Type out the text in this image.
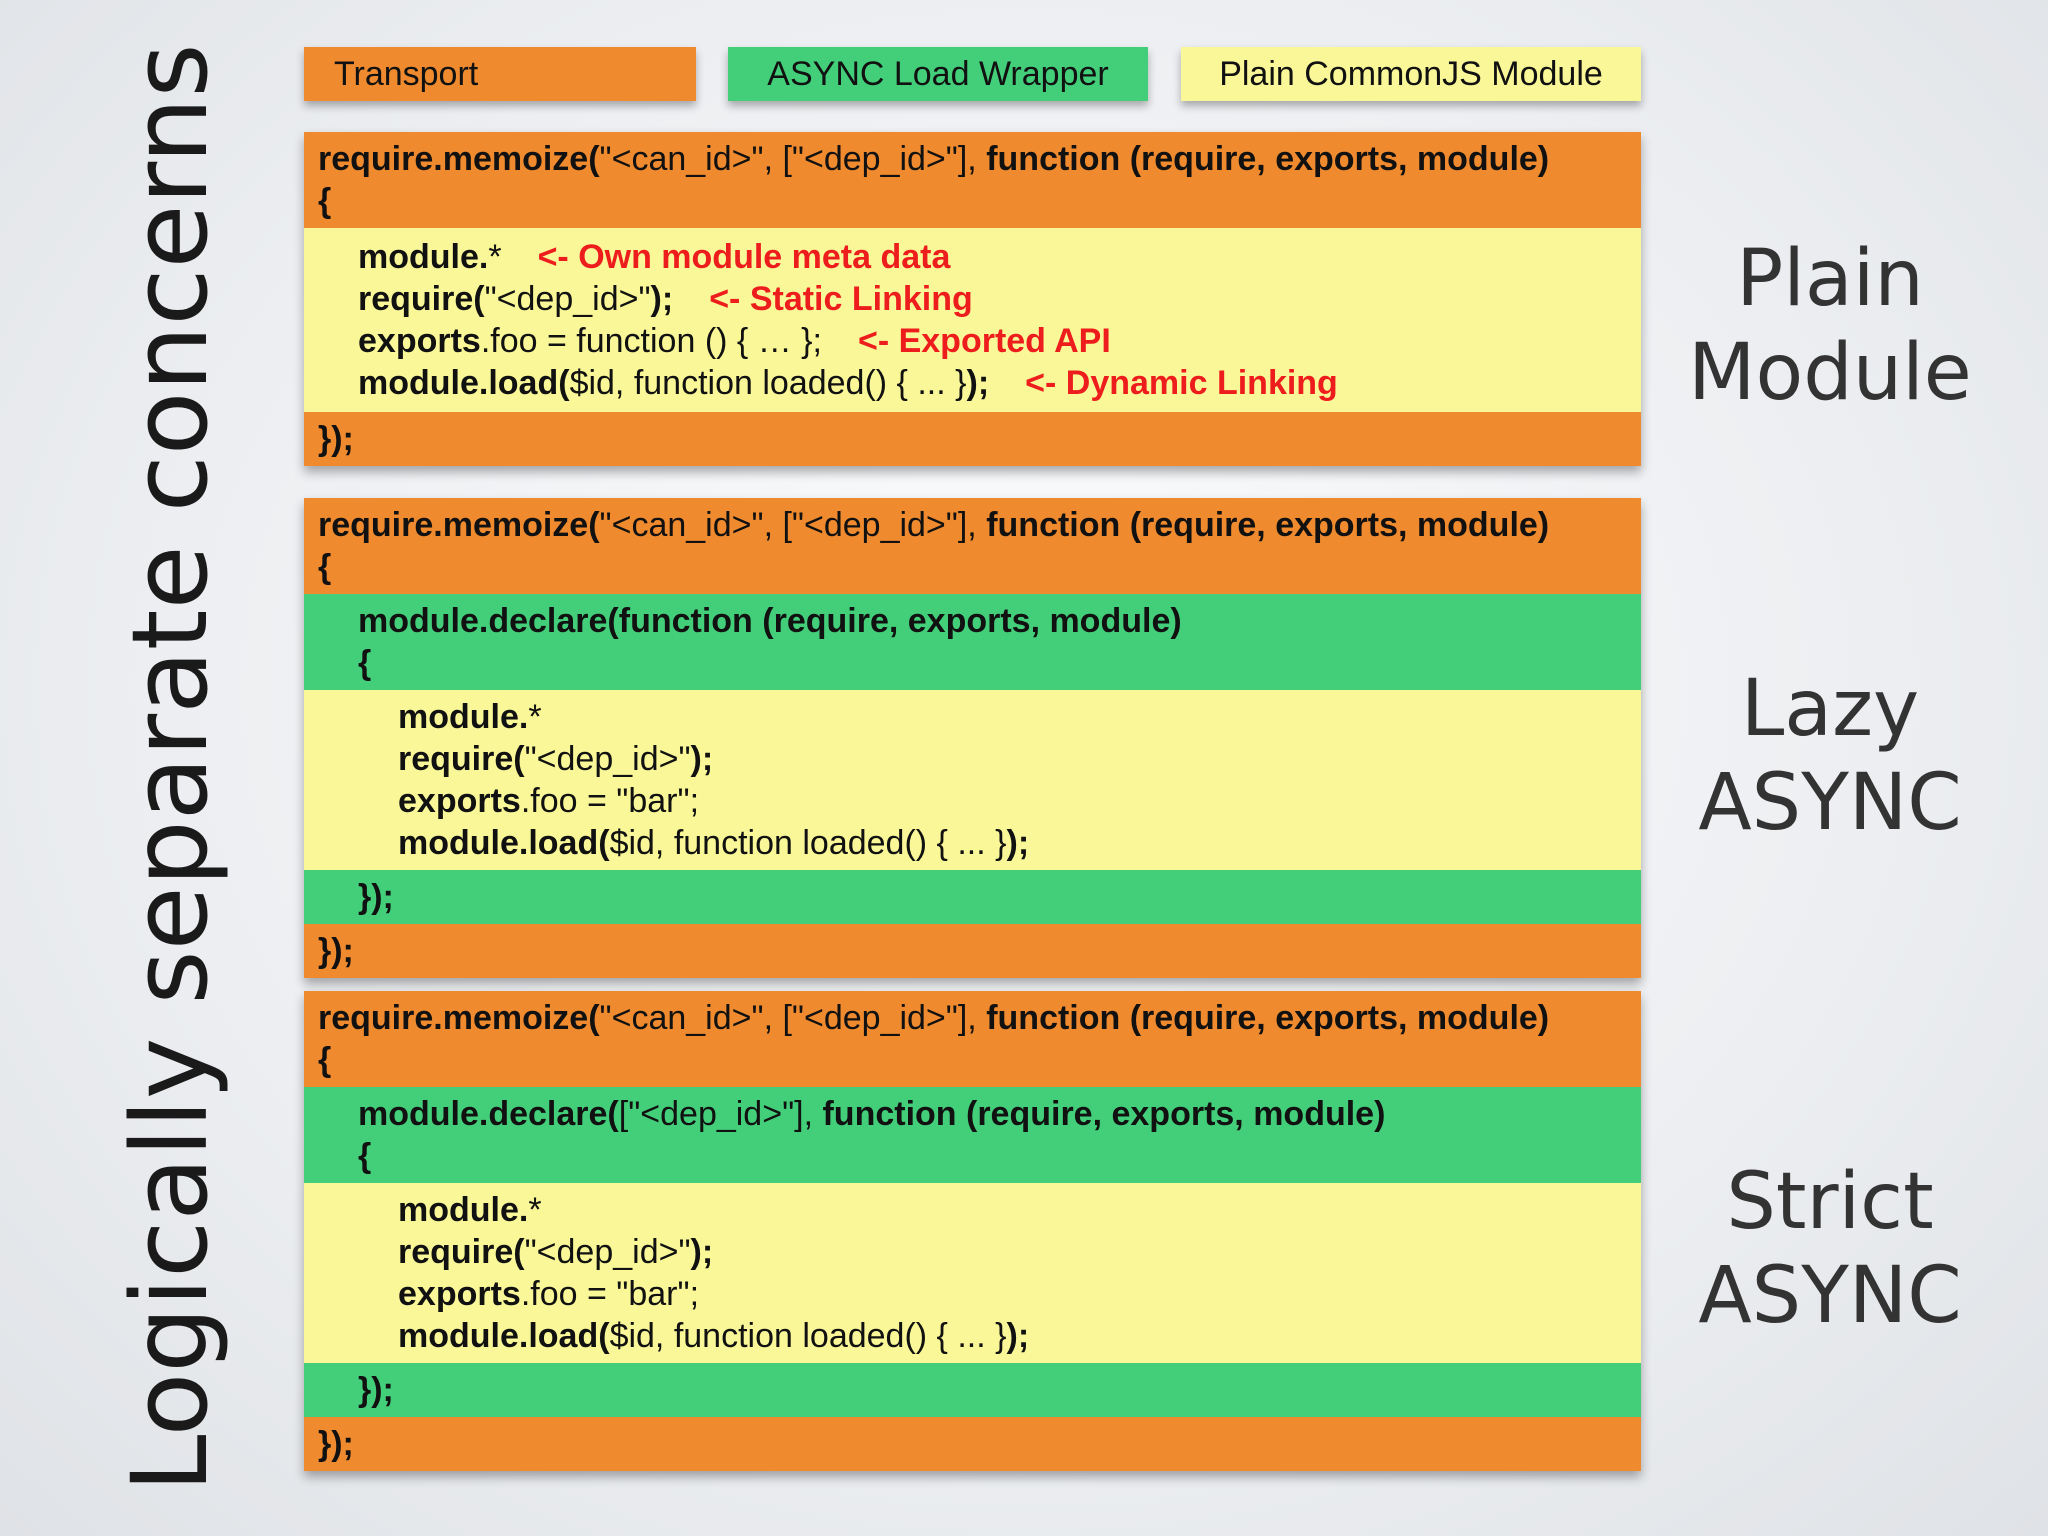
Logically separate concerns	Transport	ASYNC Load Wrapper	Plain CommonJS Module
require.memoize("<can_id>", ["<dep_id>"], function (require, exports, module)
{
module.* <- Own module meta data
require("<dep_id>"); <- Static Linking
exports.foo = function () { … }; <- Exported API
module.load($id, function loaded() { ... }); <- Dynamic Linking
});
require.memoize("<can_id>", ["<dep_id>"], function (require, exports, module)
{
module.declare(function (require, exports, module)
{
module.*
require("<dep_id>");
exports.foo = "bar";
module.load($id, function loaded() { ... });
});
});
require.memoize("<can_id>", ["<dep_id>"], function (require, exports, module)
{
module.declare(["<dep_id>"], function (require, exports, module)
{
module.*
require("<dep_id>");
exports.foo = "bar";
module.load($id, function loaded() { ... });
});
});
Plain
Module
Lazy
ASYNC
Strict
ASYNC
